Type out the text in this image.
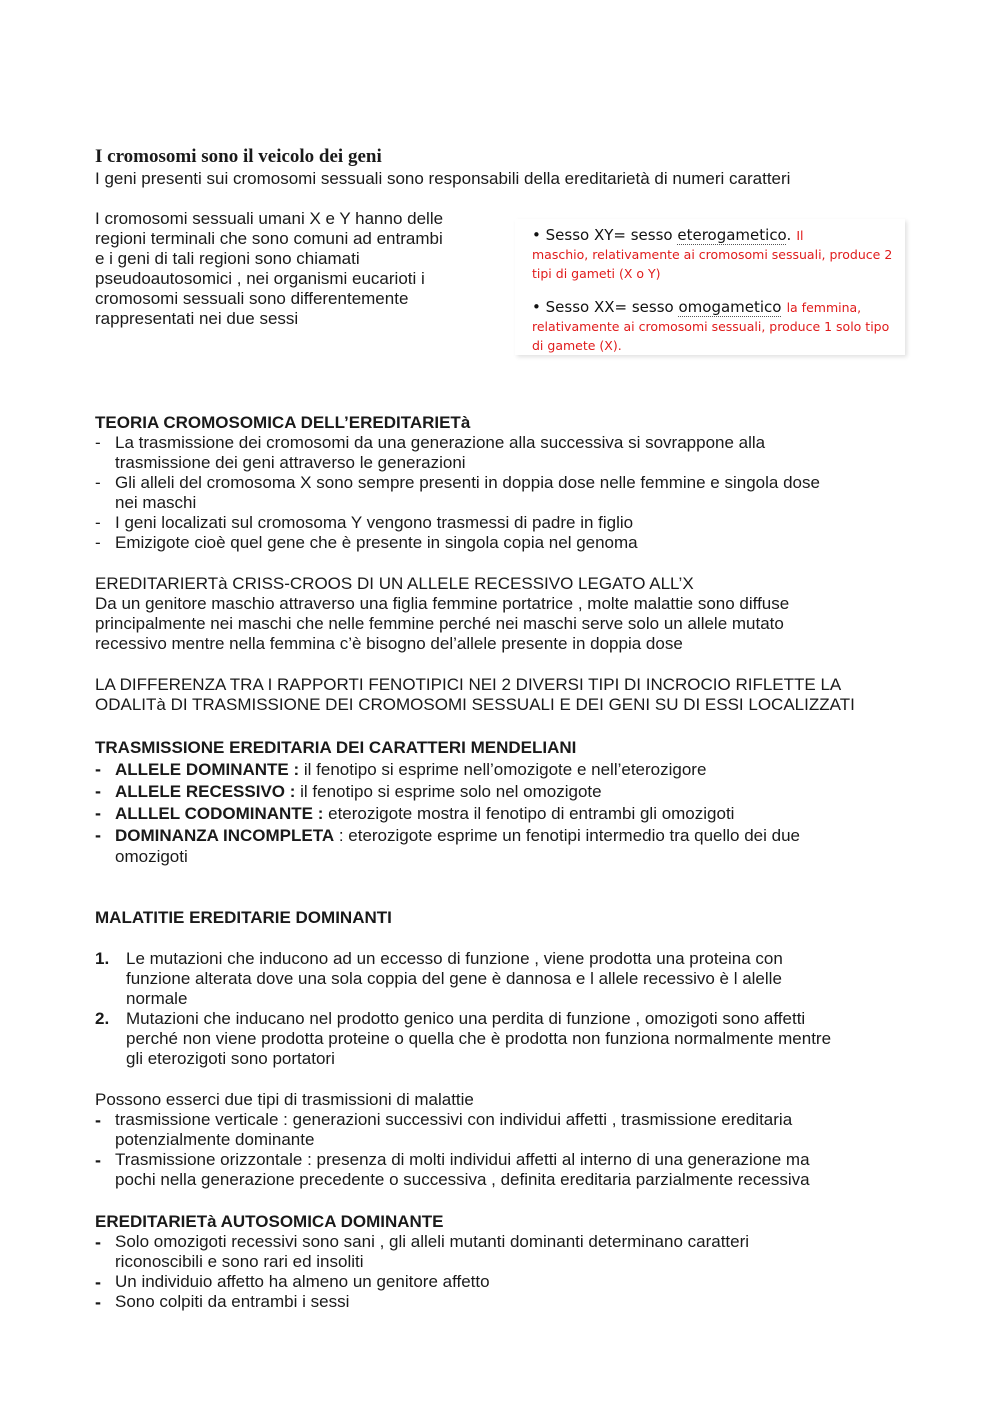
I cromosomi sono il veicolo dei geni
I geni presenti sui cromosomi sessuali sono responsabili della ereditarietà di numeri caratteri
I cromosomi sessuali umani X e Y hanno delle
regioni terminali che sono comuni ad entrambi
e i geni di tali regioni sono chiamati
pseudoautosomici , nei organismi eucarioti i
cromosomi sessuali sono differentemente
rappresentati nei due sessi

• Sesso XY= sesso eterogametico. Il

maschio, relativamente ai cromosomi sessuali, produce 2

tipi di gameti (X o Y)

• Sesso XX= sesso omogametico la femmina,

relativamente ai cromosomi sessuali, produce 1 solo tipo

di gamete (X).

TEORIA CROMOSOMICA DELL’EREDITARIETà
- La trasmissione dei cromosomi da una generazione alla successiva si sovrappone alla
trasmissione dei geni attraverso le generazioni
- Gli alleli del cromosoma X sono sempre presenti in doppia dose nelle femmine e singola dose
nei maschi
- I geni localizati sul cromosoma Y vengono trasmessi di padre in figlio
- Emizigote cioè quel gene che è presente in singola copia nel genoma
EREDITARIERTà CRISS-CROOS DI UN ALLELE RECESSIVO LEGATO ALL’X
Da un genitore maschio attraverso una figlia femmine portatrice , molte malattie sono diffuse
principalmente nei maschi che nelle femmine perché nei maschi serve solo un allele mutato
recessivo mentre nella femmina c’è bisogno del’allele presente in doppia dose
LA DIFFERENZA TRA I RAPPORTI FENOTIPICI NEI 2 DIVERSI TIPI DI INCROCIO RIFLETTE LA
ODALITà DI TRASMISSIONE DEI CROMOSOMI SESSUALI E DEI GENI SU DI ESSI LOCALIZZATI
TRASMISSIONE EREDITARIA DEI CARATTERI MENDELIANI
- ALLELE DOMINANTE : il fenotipo si esprime nell’omozigote e nell’eterozigore
- ALLELE RECESSIVO : il fenotipo si esprime solo nel omozigote
- ALLLEL CODOMINANTE : eterozigote mostra il fenotipo di entrambi gli omozigoti
- DOMINANZA INCOMPLETA : eterozigote esprime un fenotipi intermedio tra quello dei due
omozigoti
MALATITIE EREDITARIE DOMINANTI
1. Le mutazioni che inducono ad un eccesso di funzione , viene prodotta una proteina con
funzione alterata dove una sola coppia del gene è dannosa e l allele recessivo è l alelle
normale
2. Mutazioni che inducano nel prodotto genico una perdita di funzione , omozigoti sono affetti
perché non viene prodotta proteine o quella che è prodotta non funziona normalmente mentre
gli eterozigoti sono portatori
Possono esserci due tipi di trasmissioni di malattie
- trasmissione verticale : generazioni successivi con individui affetti , trasmissione ereditaria
potenzialmente dominante
- Trasmissione orizzontale : presenza di molti individui affetti al interno di una generazione ma
pochi nella generazione precedente o successiva , definita ereditaria parzialmente recessiva
EREDITARIETà AUTOSOMICA DOMINANTE
- Solo omozigoti recessivi sono sani , gli alleli mutanti dominanti determinano caratteri
riconoscibili e sono rari ed insoliti
- Un individuio affetto ha almeno un genitore affetto
- Sono colpiti da entrambi i sessi
